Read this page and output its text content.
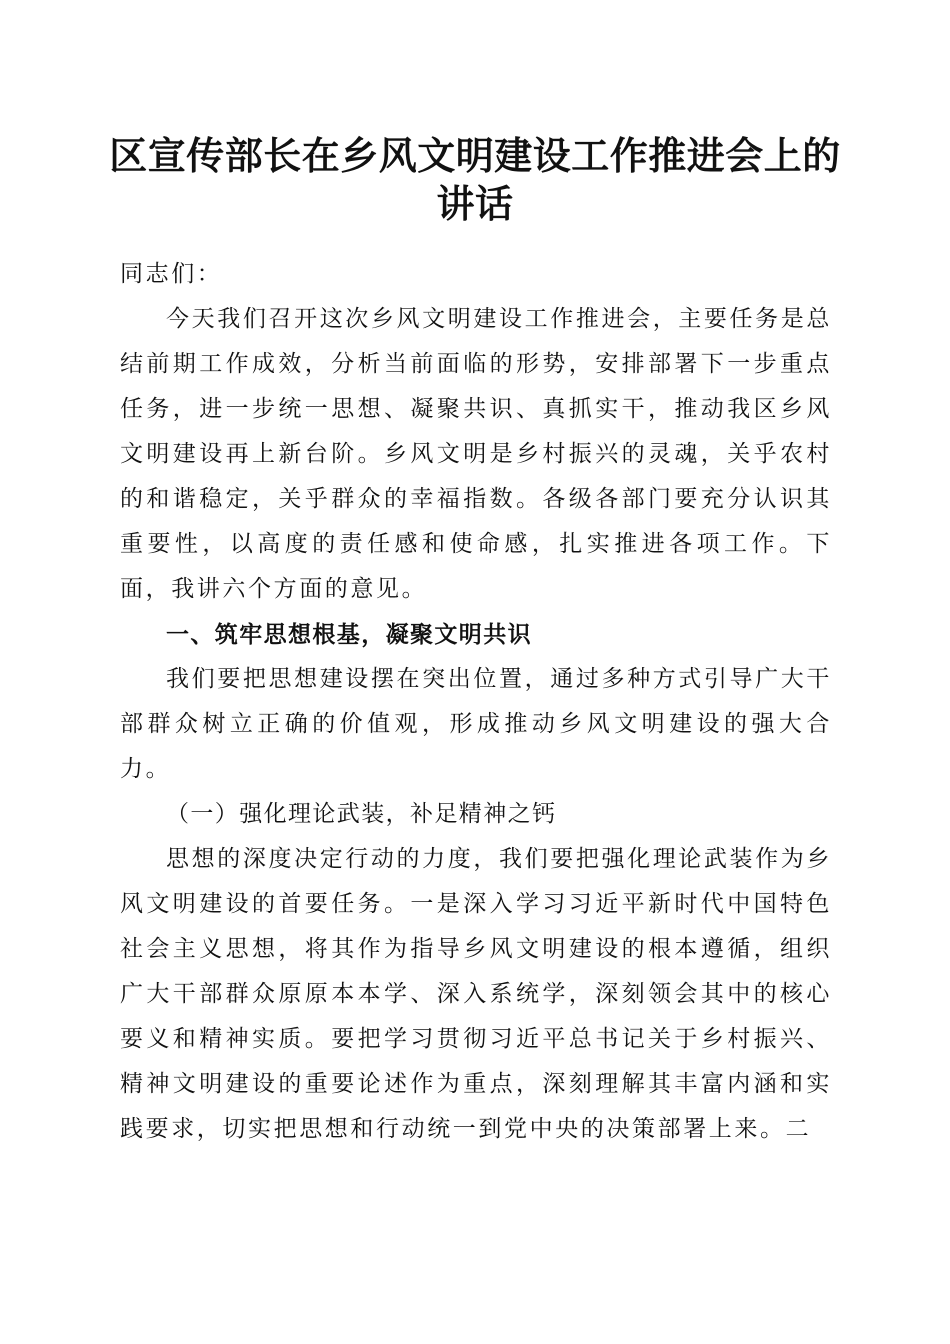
区宣传部长在乡风文明建设工作推进会上的讲话

同志们：

今天我们召开这次乡风文明建设工作推进会，主要任务是总结前期工作成效，分析当前面临的形势，安排部署下一步重点任务，进一步统一思想、凝聚共识、真抓实干，推动我区乡风文明建设再上新台阶。乡风文明是乡村振兴的灵魂，关乎农村的和谐稳定，关乎群众的幸福指数。各级各部门要充分认识其重要性，以高度的责任感和使命感，扎实推进各项工作。下面，我讲六个方面的意见。

一、筑牢思想根基，凝聚文明共识

我们要把思想建设摆在突出位置，通过多种方式引导广大干部群众树立正确的价值观，形成推动乡风文明建设的强大合力。

（一）强化理论武装，补足精神之钙

思想的深度决定行动的力度，我们要把强化理论武装作为乡风文明建设的首要任务。一是深入学习习近平新时代中国特色社会主义思想，将其作为指导乡风文明建设的根本遵循，组织广大干部群众原原本本学、深入系统学，深刻领会其中的核心要义和精神实质。要把学习贯彻习近平总书记关于乡村振兴、精神文明建设的重要论述作为重点，深刻理解其丰富内涵和实践要求，切实把思想和行动统一到党中央的决策部署上来。二
